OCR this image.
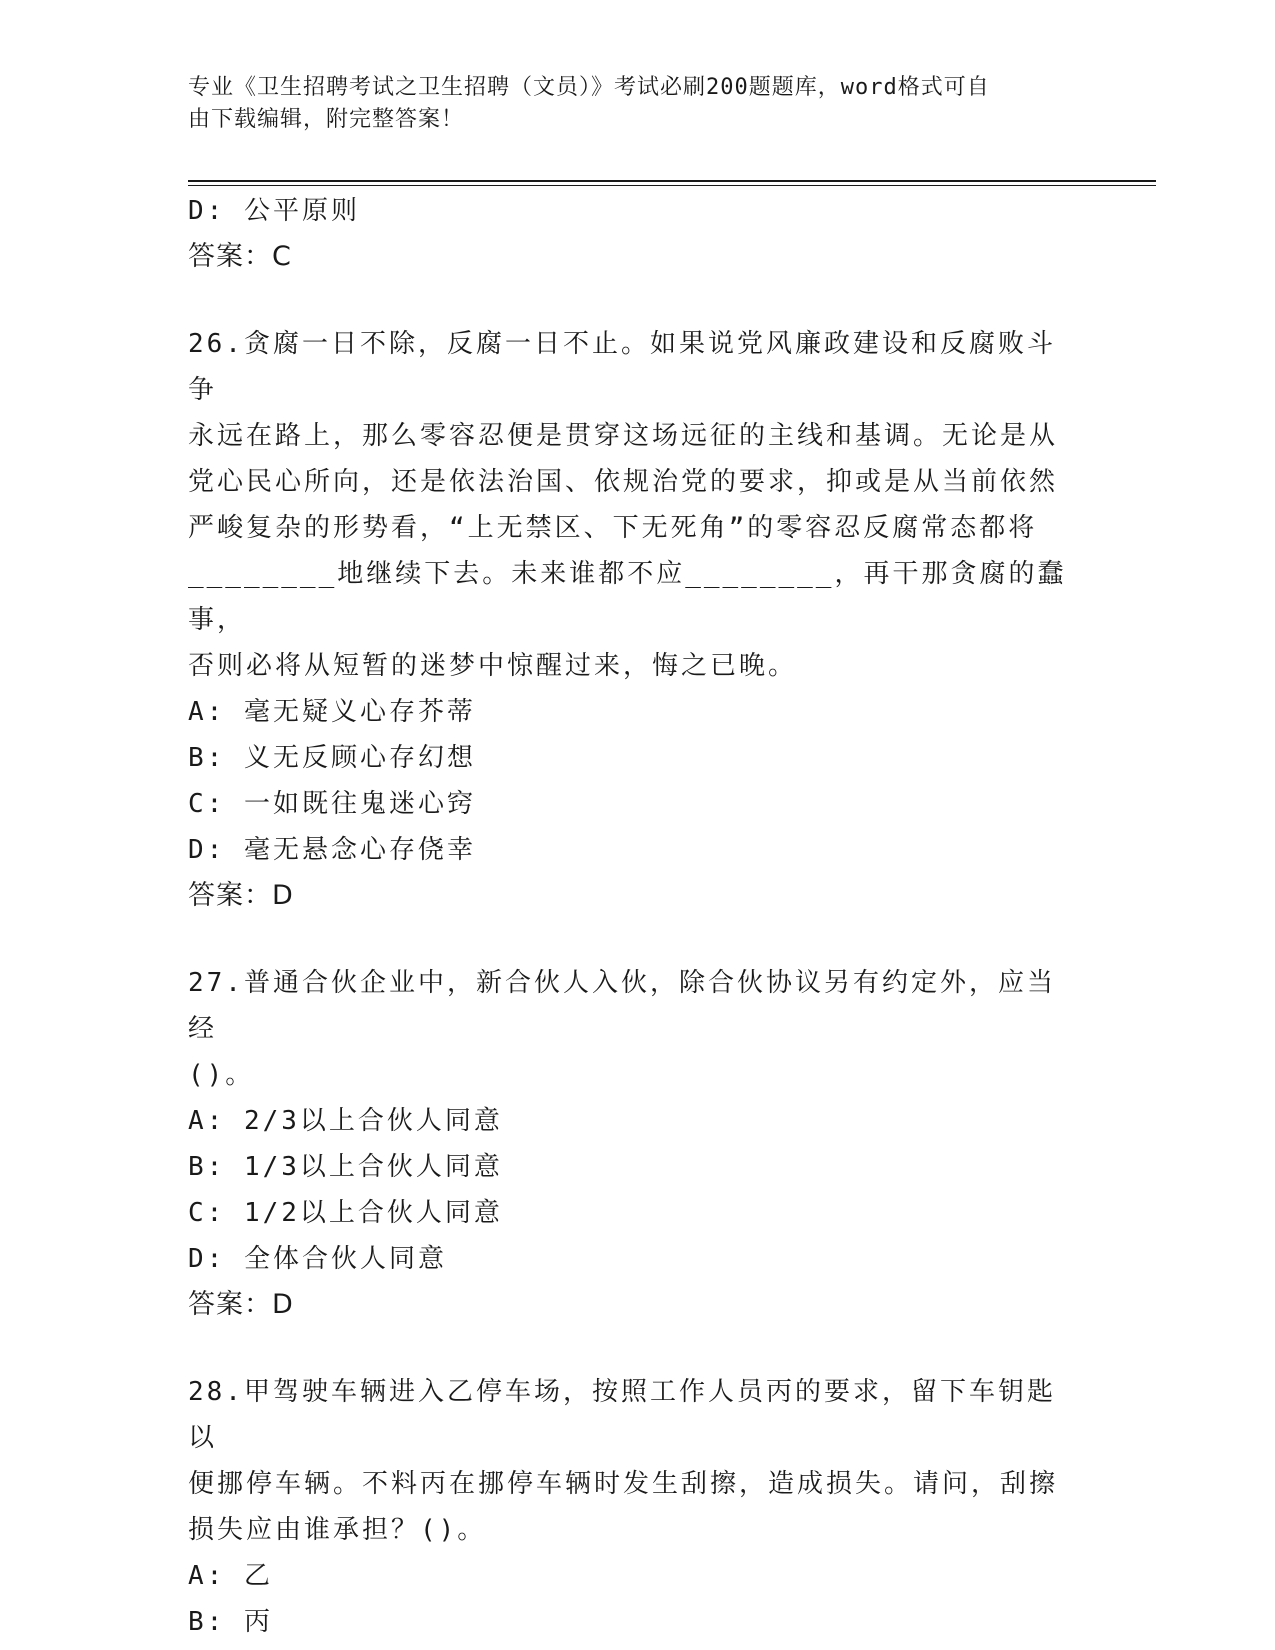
专业《卫生招聘考试之卫生招聘（文员）》考试必刷200题题库，word格式可自
由下载编辑，附完整答案！
D: 公平原则
答案：C
26.贪腐一日不除，反腐一日不止。如果说党风廉政建设和反腐败斗争
永远在路上，那么零容忍便是贯穿这场远征的主线和基调。无论是从
党心民心所向，还是依法治国、依规治党的要求，抑或是从当前依然
严峻复杂的形势看，“上无禁区、下无死角”的零容忍反腐常态都将
________地继续下去。未来谁都不应________，再干那贪腐的蠢事，
否则必将从短暂的迷梦中惊醒过来，悔之已晚。
A: 毫无疑义心存芥蒂
B: 义无反顾心存幻想
C: 一如既往鬼迷心窍
D: 毫无悬念心存侥幸
答案：D
27.普通合伙企业中，新合伙人入伙，除合伙协议另有约定外，应当经
()。
A: 2/3以上合伙人同意
B: 1/3以上合伙人同意
C: 1/2以上合伙人同意
D: 全体合伙人同意
答案：D
28.甲驾驶车辆进入乙停车场，按照工作人员丙的要求，留下车钥匙以
便挪停车辆。不料丙在挪停车辆时发生刮擦，造成损失。请问，刮擦
损失应由谁承担？()。
A: 乙
B: 丙
